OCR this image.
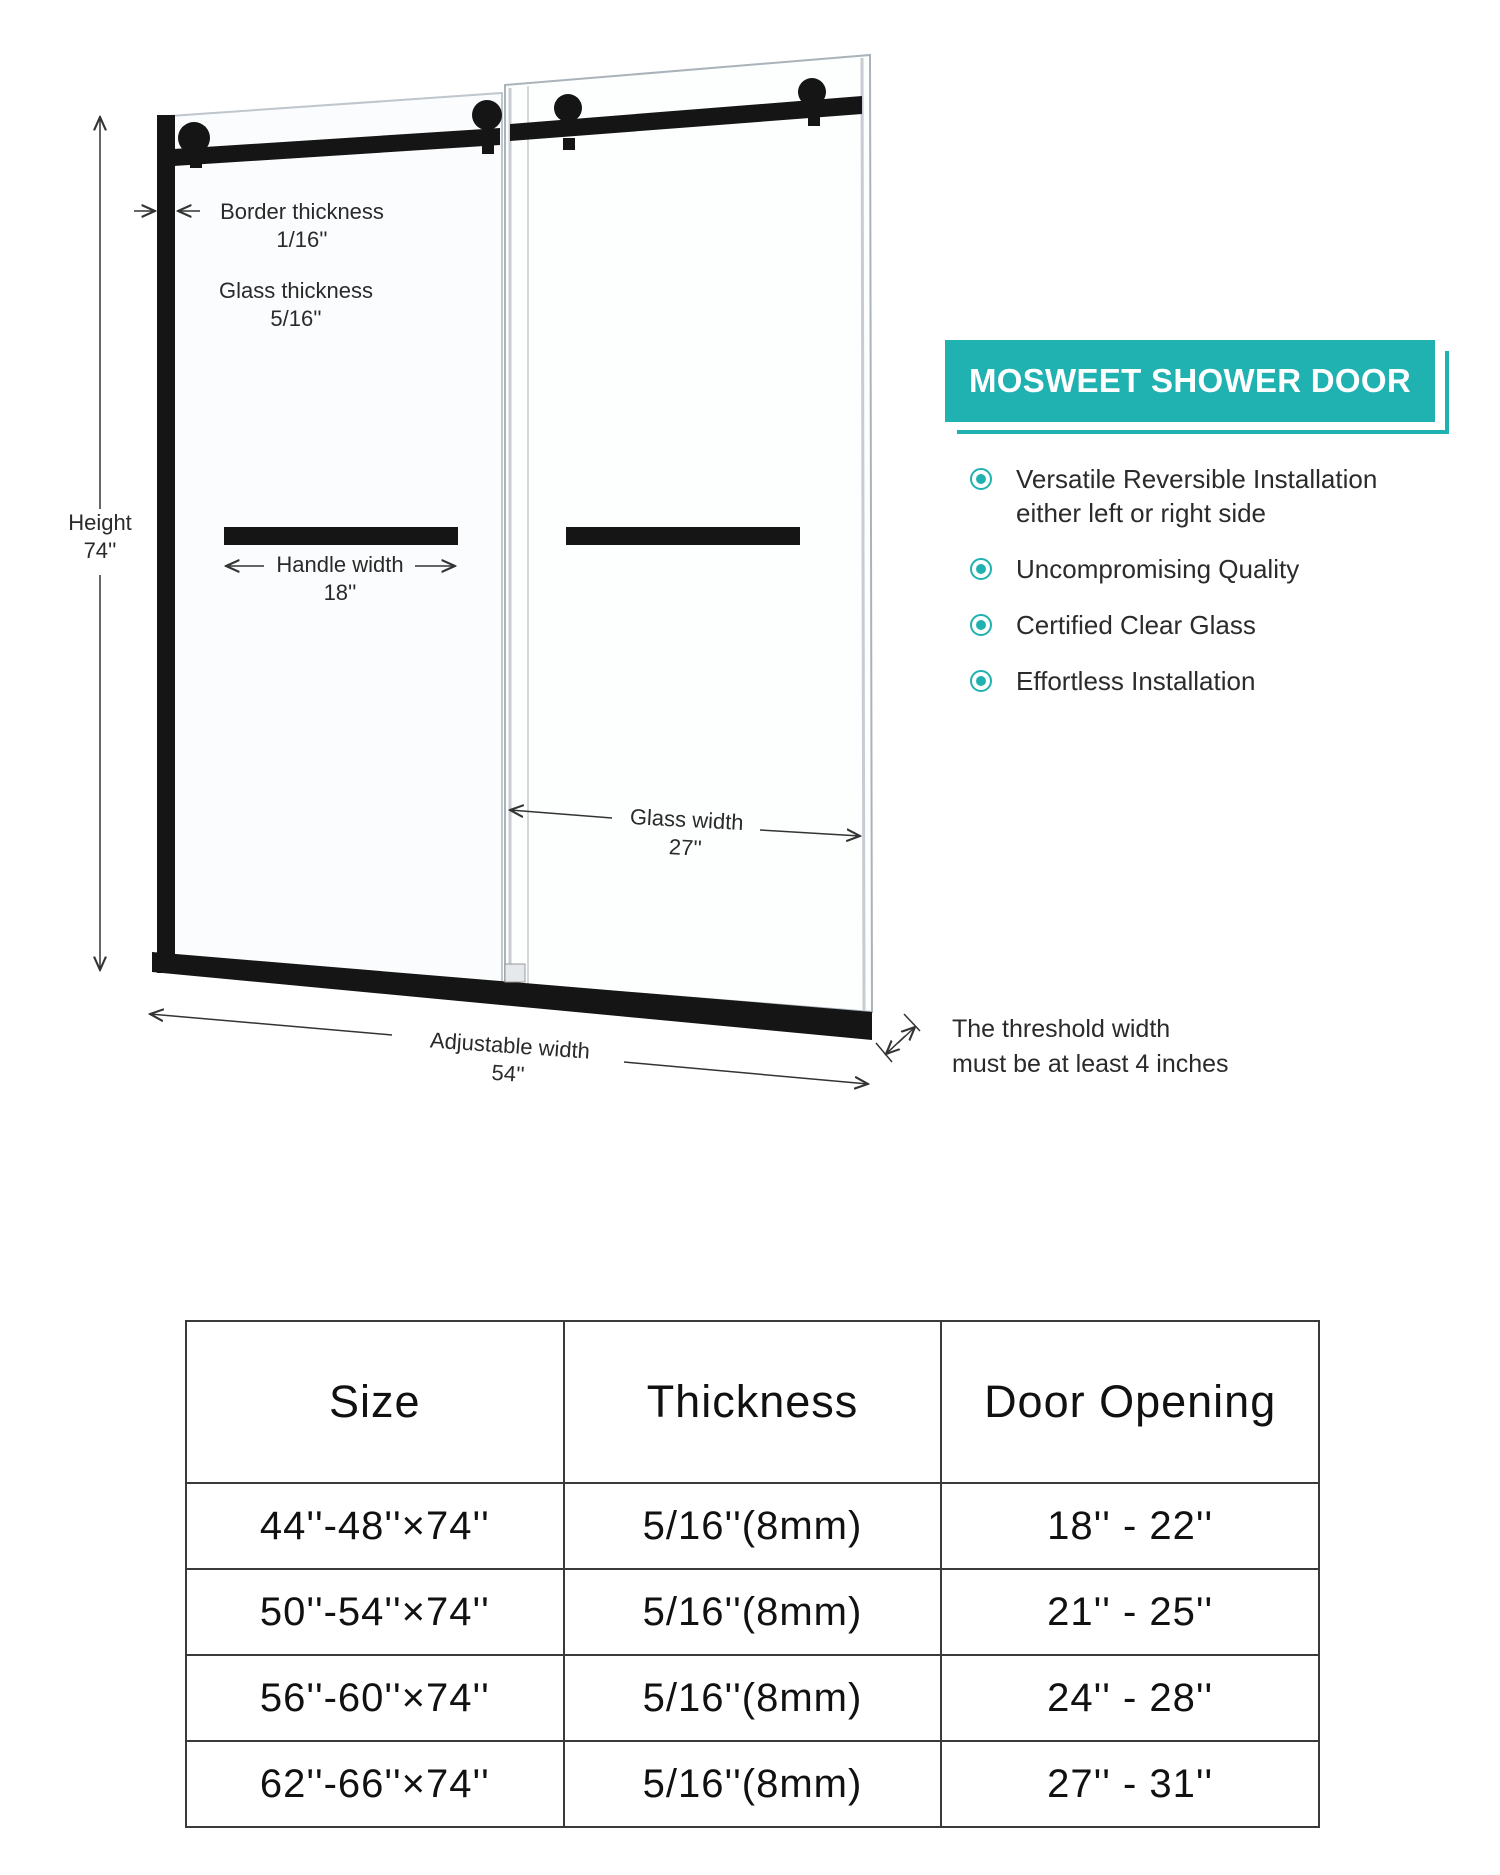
Border thickness
1/16''
Glass thickness
5/16''
Height
74''
Handle width
18''
Glass width
27''
Adjustable width
54''
The threshold width
must be at least 4 inches
MOSWEET SHOWER DOOR
Versatile Reversible Installation
either left or right side
Uncompromising Quality
Certified Clear Glass
Effortless Installation
Size	Thickness	Door Opening
44''-48''×74''	5/16''(8mm)	18'' - 22''
50''-54''×74''	5/16''(8mm)	21'' - 25''
56''-60''×74''	5/16''(8mm)	24'' - 28''
62''-66''×74''	5/16''(8mm)	27'' - 31''
